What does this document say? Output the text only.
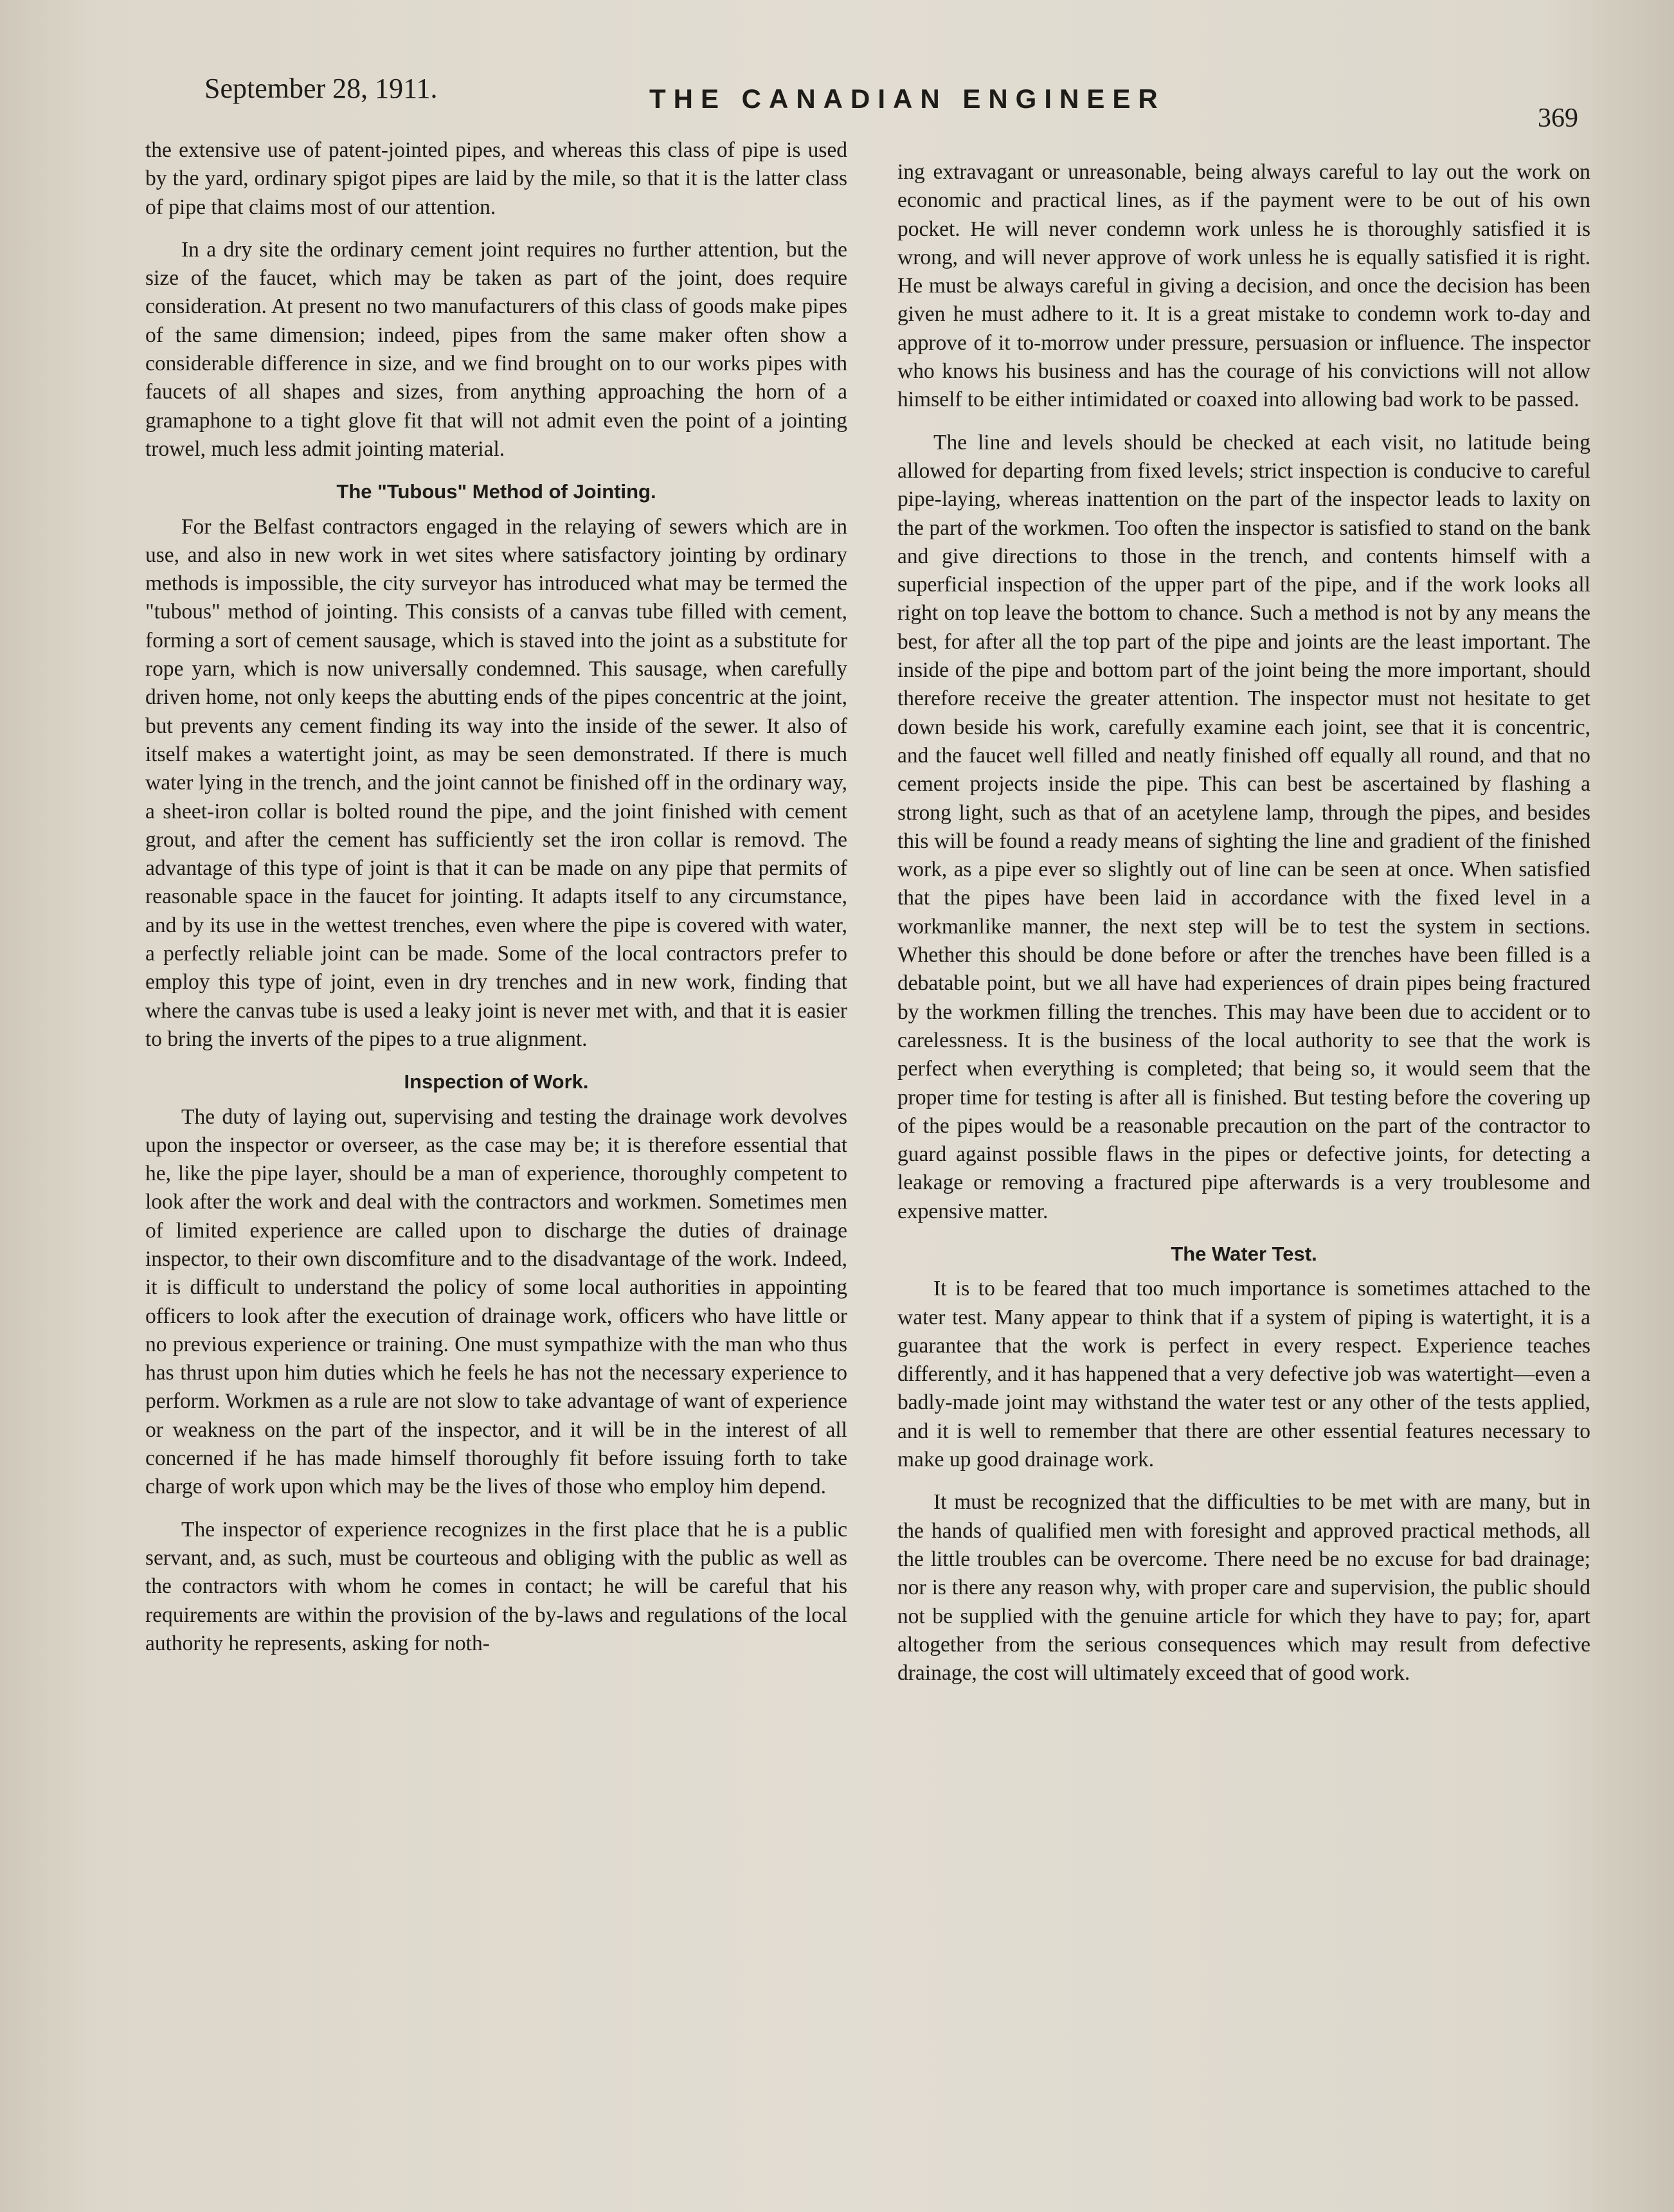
September 28, 1911.	THE CANADIAN ENGINEER
369

the extensive use of patent-jointed pipes, and whereas this class of pipe is used by the yard, ordinary spigot pipes are laid by the mile, so that it is the latter class of pipe that claims most of our attention.

In a dry site the ordinary cement joint requires no further attention, but the size of the faucet, which may be taken as part of the joint, does require consideration. At present no two manufacturers of this class of goods make pipes of the same dimension; indeed, pipes from the same maker often show a considerable difference in size, and we find brought on to our works pipes with faucets of all shapes and sizes, from anything approaching the horn of a gramaphone to a tight glove fit that will not admit even the point of a jointing trowel, much less admit jointing material.

The "Tubous" Method of Jointing.

For the Belfast contractors engaged in the relaying of sewers which are in use, and also in new work in wet sites where satisfactory jointing by ordinary methods is impossible, the city surveyor has introduced what may be termed the "tubous" method of jointing. This consists of a canvas tube filled with cement, forming a sort of cement sausage, which is staved into the joint as a substitute for rope yarn, which is now universally condemned. This sausage, when carefully driven home, not only keeps the abutting ends of the pipes concentric at the joint, but prevents any cement finding its way into the inside of the sewer. It also of itself makes a watertight joint, as may be seen demonstrated. If there is much water lying in the trench, and the joint cannot be finished off in the ordinary way, a sheet-iron collar is bolted round the pipe, and the joint finished with cement grout, and after the cement has sufficiently set the iron collar is removd. The advantage of this type of joint is that it can be made on any pipe that permits of reasonable space in the faucet for jointing. It adapts itself to any circumstance, and by its use in the wettest trenches, even where the pipe is covered with water, a perfectly reliable joint can be made. Some of the local contractors prefer to employ this type of joint, even in dry trenches and in new work, finding that where the canvas tube is used a leaky joint is never met with, and that it is easier to bring the inverts of the pipes to a true alignment.

Inspection of Work.

The duty of laying out, supervising and testing the drainage work devolves upon the inspector or overseer, as the case may be; it is therefore essential that he, like the pipe layer, should be a man of experience, thoroughly competent to look after the work and deal with the contractors and workmen. Sometimes men of limited experience are called upon to discharge the duties of drainage inspector, to their own discomfiture and to the disadvantage of the work. Indeed, it is difficult to understand the policy of some local authorities in appointing officers to look after the execution of drainage work, officers who have little or no previous experience or training. One must sympathize with the man who thus has thrust upon him duties which he feels he has not the necessary experience to perform. Workmen as a rule are not slow to take advantage of want of experience or weakness on the part of the inspector, and it will be in the interest of all concerned if he has made himself thoroughly fit before issuing forth to take charge of work upon which may be the lives of those who employ him depend.

The inspector of experience recognizes in the first place that he is a public servant, and, as such, must be courteous and obliging with the public as well as the contractors with whom he comes in contact; he will be careful that his requirements are within the provision of the by-laws and regulations of the local authority he represents, asking for noth-

ing extravagant or unreasonable, being always careful to lay out the work on economic and practical lines, as if the payment were to be out of his own pocket. He will never condemn work unless he is thoroughly satisfied it is wrong, and will never approve of work unless he is equally satisfied it is right. He must be always careful in giving a decision, and once the decision has been given he must adhere to it. It is a great mistake to condemn work to-day and approve of it to-morrow under pressure, persuasion or influence. The inspector who knows his business and has the courage of his convictions will not allow himself to be either intimidated or coaxed into allowing bad work to be passed.

The line and levels should be checked at each visit, no latitude being allowed for departing from fixed levels; strict inspection is conducive to careful pipe-laying, whereas inattention on the part of the inspector leads to laxity on the part of the workmen. Too often the inspector is satisfied to stand on the bank and give directions to those in the trench, and contents himself with a superficial inspection of the upper part of the pipe, and if the work looks all right on top leave the bottom to chance. Such a method is not by any means the best, for after all the top part of the pipe and joints are the least important. The inside of the pipe and bottom part of the joint being the more important, should therefore receive the greater attention. The inspector must not hesitate to get down beside his work, carefully examine each joint, see that it is concentric, and the faucet well filled and neatly finished off equally all round, and that no cement projects inside the pipe. This can best be ascertained by flashing a strong light, such as that of an acetylene lamp, through the pipes, and besides this will be found a ready means of sighting the line and gradient of the finished work, as a pipe ever so slightly out of line can be seen at once. When satisfied that the pipes have been laid in accordance with the fixed level in a workmanlike manner, the next step will be to test the system in sections. Whether this should be done before or after the trenches have been filled is a debatable point, but we all have had experiences of drain pipes being fractured by the workmen filling the trenches. This may have been due to accident or to carelessness. It is the business of the local authority to see that the work is perfect when everything is completed; that being so, it would seem that the proper time for testing is after all is finished. But testing before the covering up of the pipes would be a reasonable precaution on the part of the contractor to guard against possible flaws in the pipes or defective joints, for detecting a leakage or removing a fractured pipe afterwards is a very troublesome and expensive matter.

The Water Test.

It is to be feared that too much importance is sometimes attached to the water test. Many appear to think that if a system of piping is watertight, it is a guarantee that the work is perfect in every respect. Experience teaches differently, and it has happened that a very defective job was watertight—even a badly-made joint may withstand the water test or any other of the tests applied, and it is well to remember that there are other essential features necessary to make up good drainage work.

It must be recognized that the difficulties to be met with are many, but in the hands of qualified men with foresight and approved practical methods, all the little troubles can be overcome. There need be no excuse for bad drainage; nor is there any reason why, with proper care and supervision, the public should not be supplied with the genuine article for which they have to pay; for, apart altogether from the serious consequences which may result from defective drainage, the cost will ultimately exceed that of good work.
